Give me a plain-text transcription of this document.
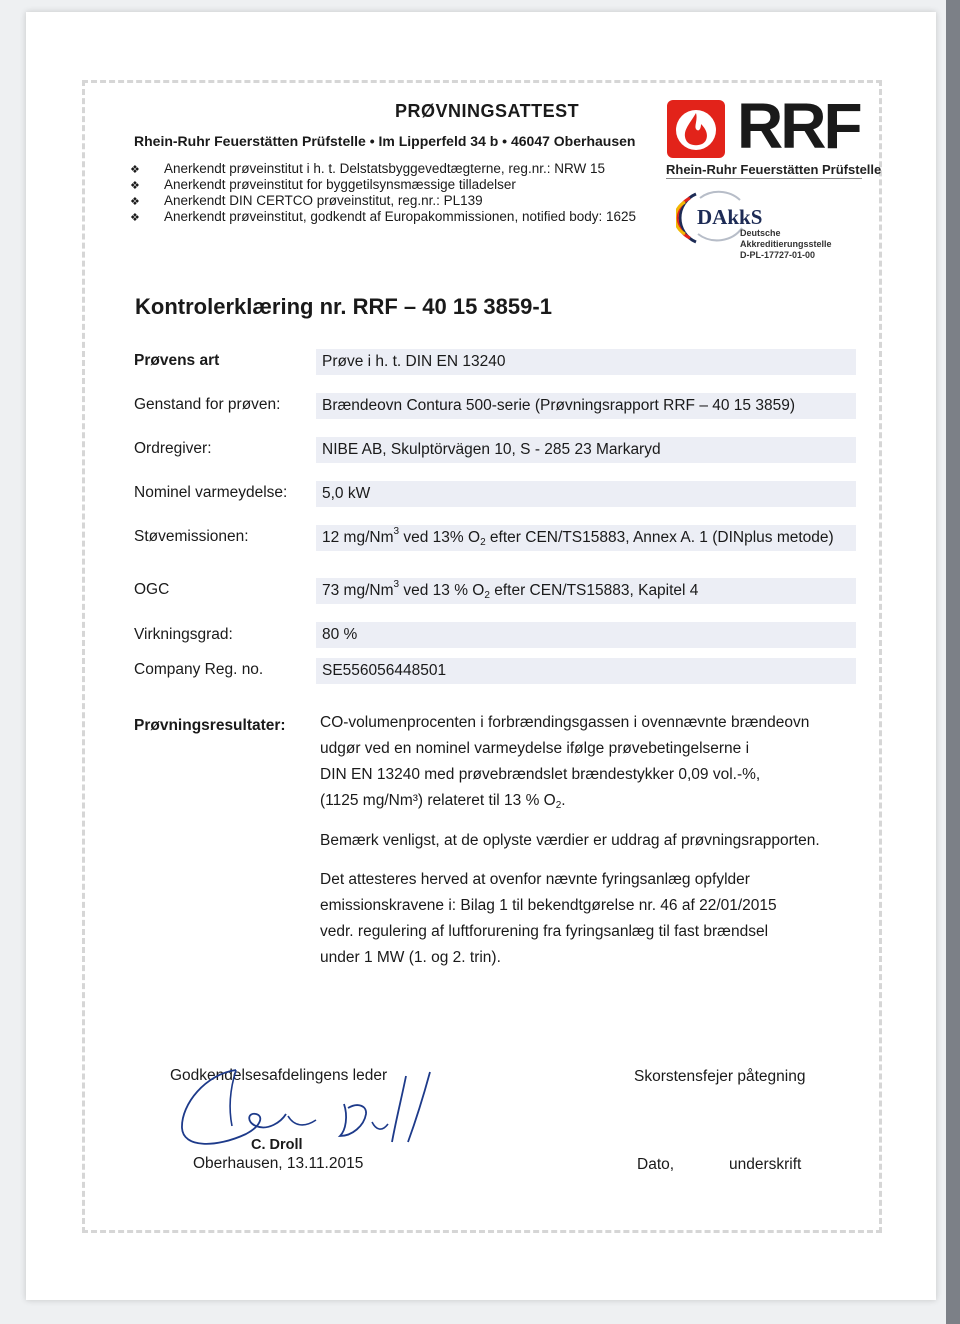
PRØVNINGSATTEST
Rhein-Ruhr Feuerstätten Prüfstelle • Im Lipperfeld 34 b • 46047 Oberhausen
❖ Anerkendt prøveinstitut i h. t. Delstatsbyggevedtægterne, reg.nr.: NRW 15
❖ Anerkendt prøveinstitut for byggetilsynsmæssige tilladelser
❖ Anerkendt DIN CERTCO prøveinstitut, reg.nr.: PL139
❖ Anerkendt prøveinstitut, godkendt af Europakommissionen, notified body: 1625
RRF
Rhein-Ruhr Feuerstätten Prüfstelle
DAkkS
Deutsche
Akkreditierungsstelle
D-PL-17727-01-00
Kontrolerklæring nr. RRF – 40 15 3859-1
Prøvens art	Prøve i h. t. DIN EN 13240
Genstand for prøven:	Brændeovn Contura 500-serie (Prøvningsrapport RRF – 40 15 3859)
Ordregiver:	NIBE AB, Skulptörvägen 10, S - 285 23 Markaryd
Nominel varmeydelse:	5,0 kW
Støvemissionen:	12 mg/Nm$^3$ ved 13% $O_2$ efter CEN/TS15883, Annex A. 1 (DINplus metode)
OGC	73 mg/Nm$^3$ ved 13 % $O_2$ efter CEN/TS15883, Kapitel 4
Virkningsgrad:	80 %
Company Reg. no.	SE556056448501
Prøvningsresultater: CO-volumenprocenten i forbrændingsgassen i ovennævnte brændeovn

udgør ved en nominel varmeydelse ifølge prøvebetingelserne i

DIN EN 13240 med prøvebrændslet brændestykker 0,09 vol.-%,

(1125 mg/Nm³) relateret til 13 % $O_2$.

Bemærk venligst, at de oplyste værdier er uddrag af prøvningsrapporten.

Det attesteres herved at ovenfor nævnte fyringsanlæg opfylder

emissionskravene i: Bilag 1 til bekendtgørelse nr. 46 af 22/01/2015

vedr. regulering af luftforurening fra fyringsanlæg til fast brændsel

under 1 MW (1. og 2. trin).

Godkendelsesafdelingens leder
C. Droll
Oberhausen, 13.11.2015
Skorstensfejer påtegning
Dato,	underskrift
